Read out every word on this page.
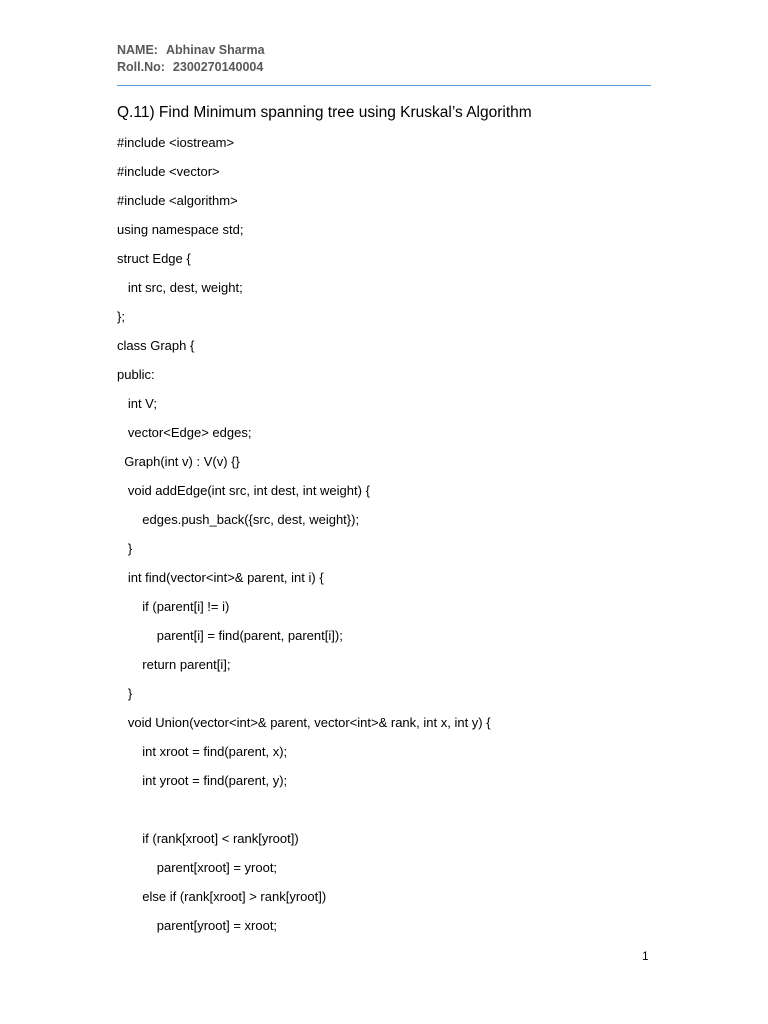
NAME: Abhinav Sharma
Roll.No: 2300270140004
Q.11) Find Minimum spanning tree using Kruskal’s Algorithm
#include <iostream>
#include <vector>
#include <algorithm>
using namespace std;
struct Edge {
int src, dest, weight;
};
class Graph {
public:
int V;
vector<Edge> edges;
Graph(int v) : V(v) {}
void addEdge(int src, int dest, int weight) {
edges.push_back({src, dest, weight});
}
int find(vector<int>& parent, int i) {
if (parent[i] != i)
parent[i] = find(parent, parent[i]);
return parent[i];
}
void Union(vector<int>& parent, vector<int>& rank, int x, int y) {
int xroot = find(parent, x);
int yroot = find(parent, y);
if (rank[xroot] < rank[yroot])
parent[xroot] = yroot;
else if (rank[xroot] > rank[yroot])
parent[yroot] = xroot;
1
